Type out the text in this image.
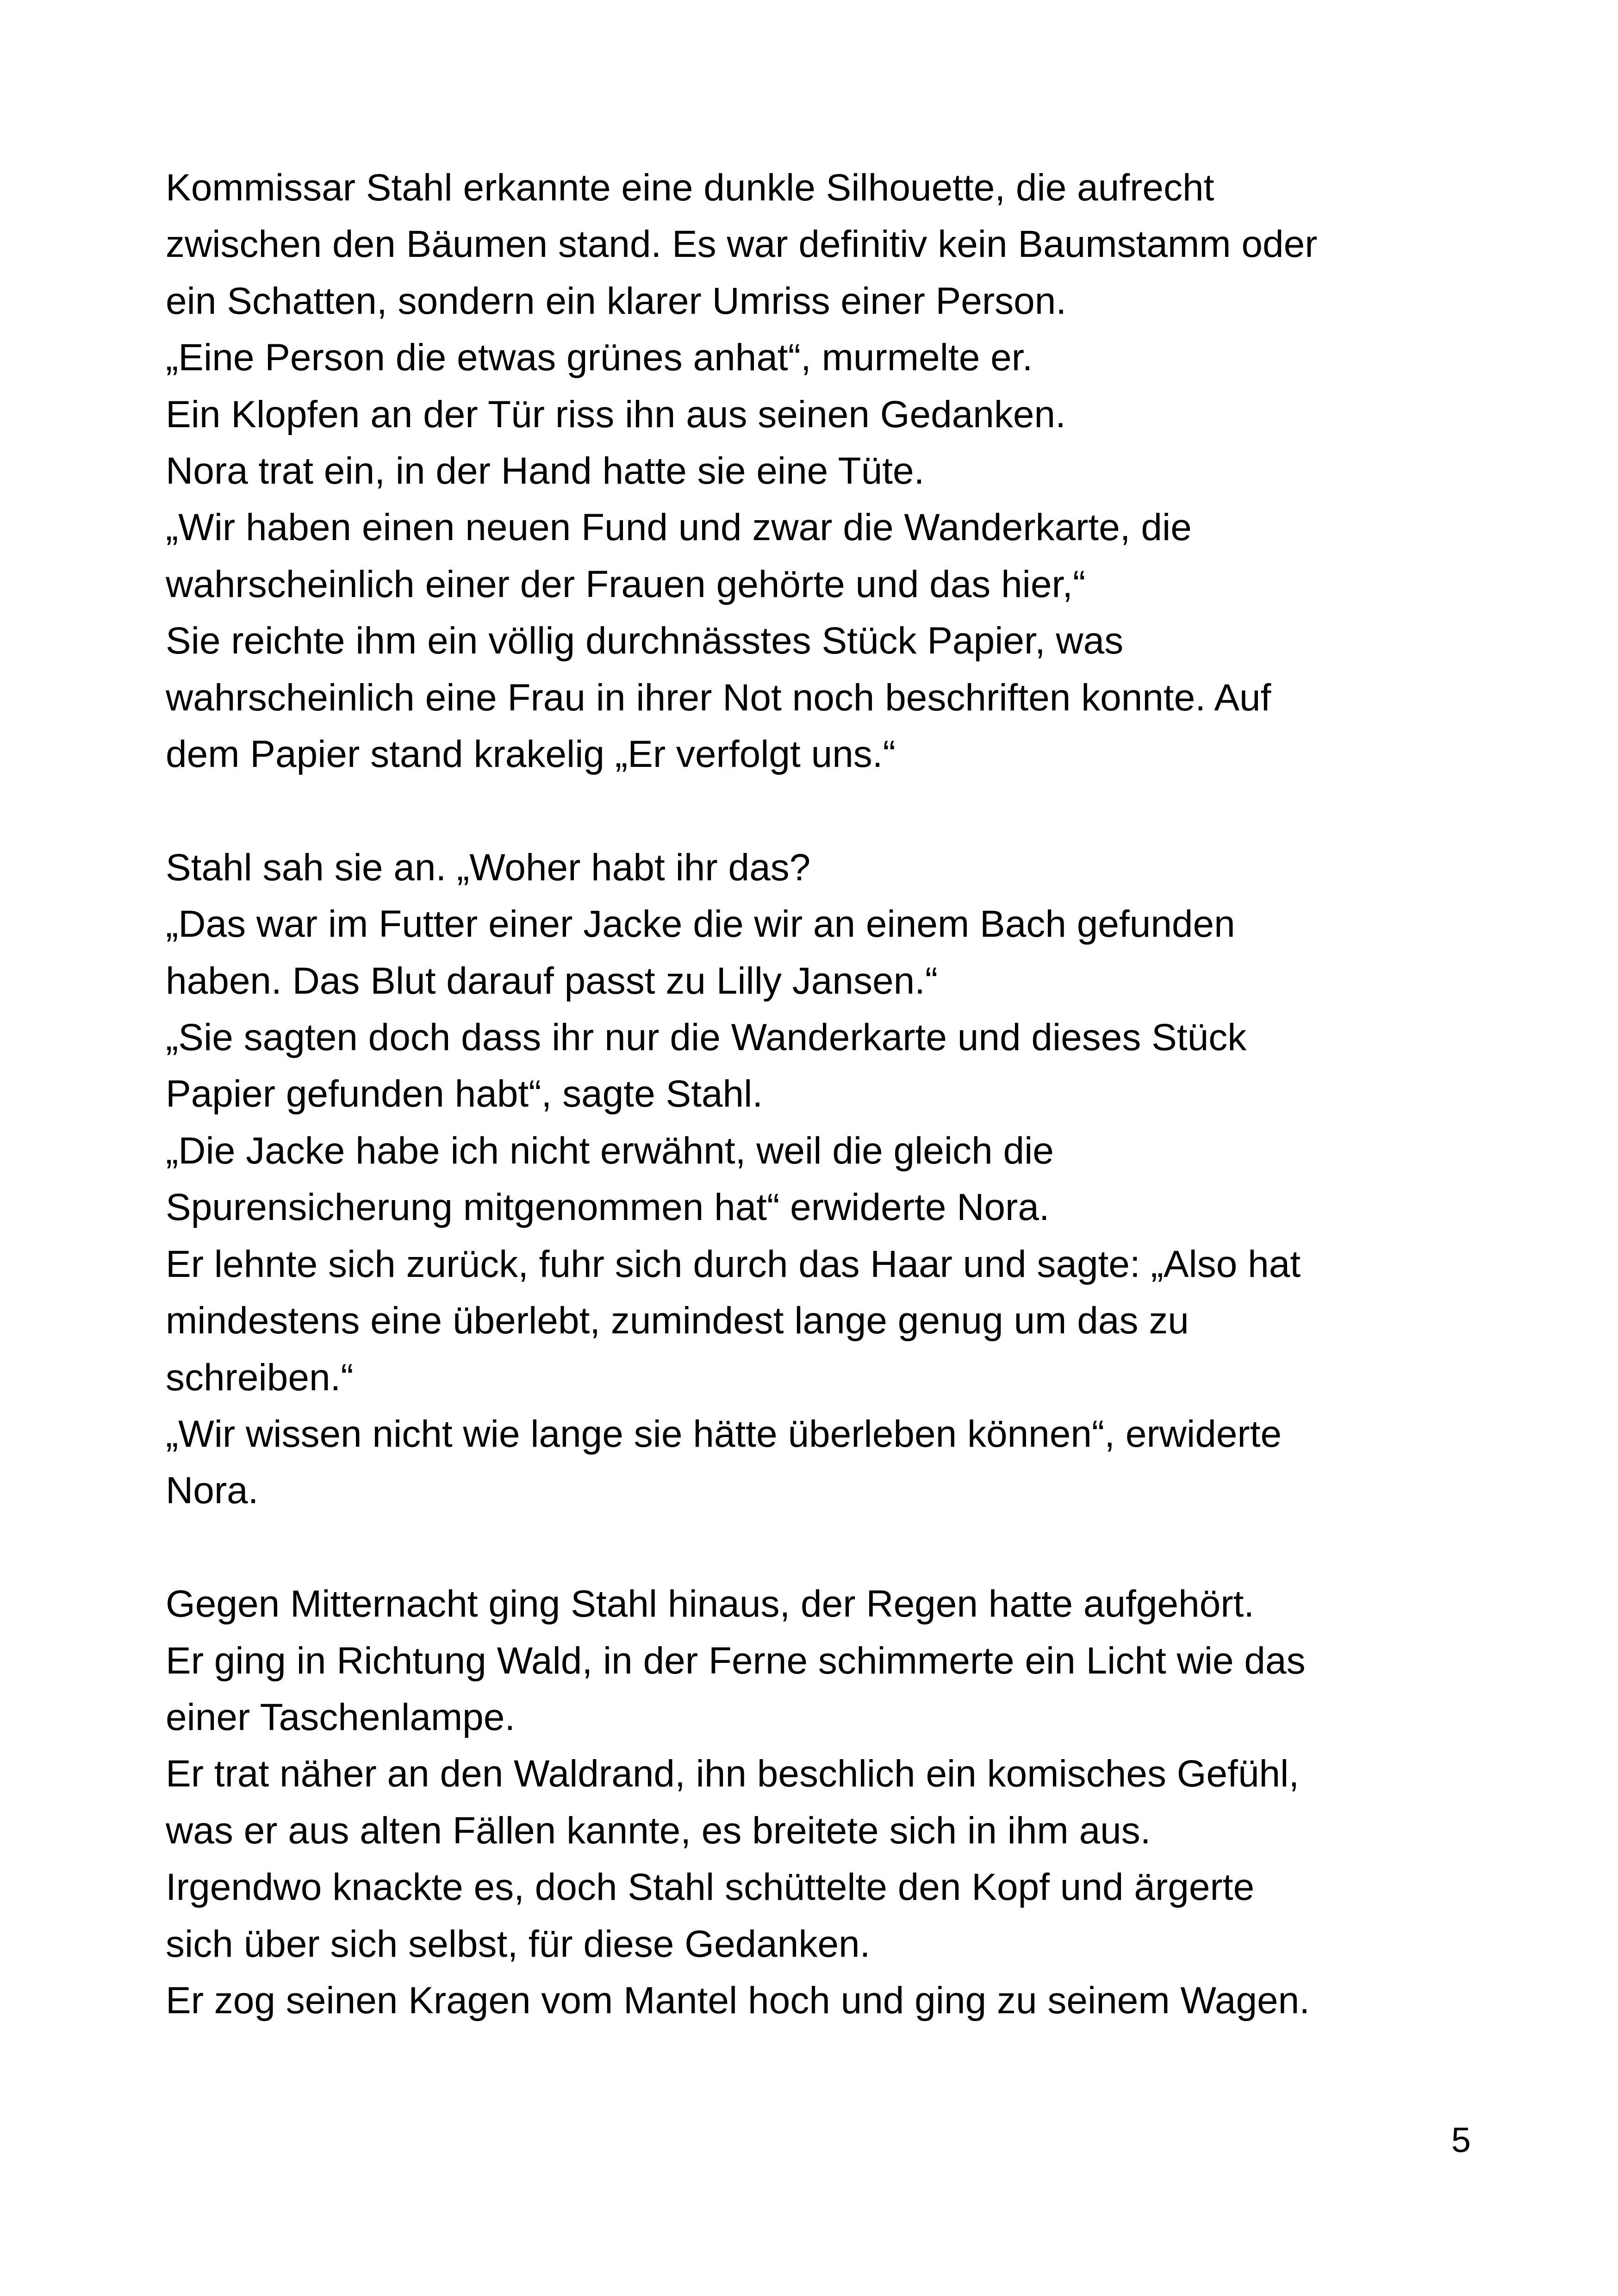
Kommissar Stahl erkannte eine dunkle Silhouette, die aufrecht
zwischen den Bäumen stand. Es war definitiv kein Baumstamm oder
ein Schatten, sondern ein klarer Umriss einer Person.
„Eine Person die etwas grünes anhat“, murmelte er.
Ein Klopfen an der Tür riss ihn aus seinen Gedanken.
Nora trat ein, in der Hand hatte sie eine Tüte.
„Wir haben einen neuen Fund und zwar die Wanderkarte, die
wahrscheinlich einer der Frauen gehörte und das hier,“
Sie reichte ihm ein völlig durchnässtes Stück Papier, was
wahrscheinlich eine Frau in ihrer Not noch beschriften konnte. Auf
dem Papier stand krakelig „Er verfolgt uns.“
Stahl sah sie an. „Woher habt ihr das?
„Das war im Futter einer Jacke die wir an einem Bach gefunden
haben. Das Blut darauf passt zu Lilly Jansen.“
„Sie sagten doch dass ihr nur die Wanderkarte und dieses Stück
Papier gefunden habt“, sagte Stahl.
„Die Jacke habe ich nicht erwähnt, weil die gleich die
Spurensicherung mitgenommen hat“ erwiderte Nora.
Er lehnte sich zurück, fuhr sich durch das Haar und sagte: „Also hat
mindestens eine überlebt, zumindest lange genug um das zu
schreiben.“
„Wir wissen nicht wie lange sie hätte überleben können“, erwiderte
Nora.
Gegen Mitternacht ging Stahl hinaus, der Regen hatte aufgehört.
Er ging in Richtung Wald, in der Ferne schimmerte ein Licht wie das
einer Taschenlampe.
Er trat näher an den Waldrand, ihn beschlich ein komisches Gefühl,
was er aus alten Fällen kannte, es breitete sich in ihm aus.
Irgendwo knackte es, doch Stahl schüttelte den Kopf und ärgerte
sich über sich selbst, für diese Gedanken.
Er zog seinen Kragen vom Mantel hoch und ging zu seinem Wagen.
5
